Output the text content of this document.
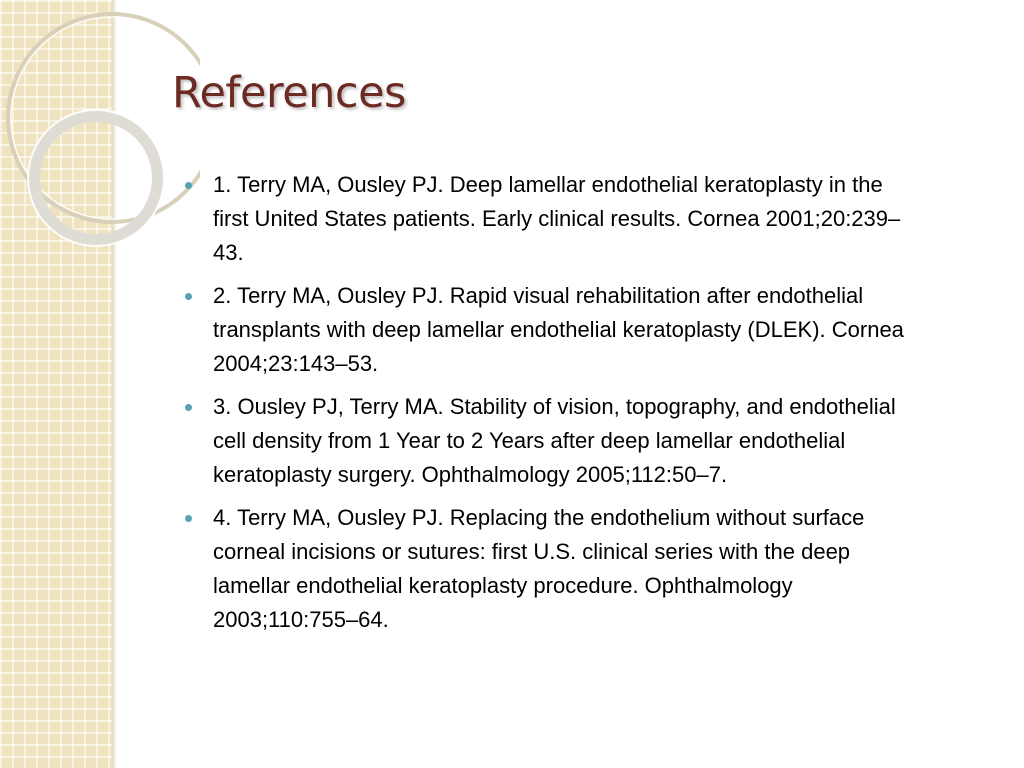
References
1. Terry MA, Ousley PJ. Deep lamellar endothelial keratoplasty in the first United States patients. Early clinical results. Cornea 2001;20:239–43.
2. Terry MA, Ousley PJ. Rapid visual rehabilitation after endothelial transplants with deep lamellar endothelial keratoplasty (DLEK). Cornea 2004;23:143–53.
3. Ousley PJ, Terry MA. Stability of vision, topography, and endothelial cell density from 1 Year to 2 Years after deep lamellar endothelial keratoplasty surgery. Ophthalmology 2005;112:50–7.
4. Terry MA, Ousley PJ. Replacing the endothelium without surface corneal incisions or sutures: first U.S. clinical series with the deep lamellar endothelial keratoplasty procedure. Ophthalmology 2003;110:755–64.
